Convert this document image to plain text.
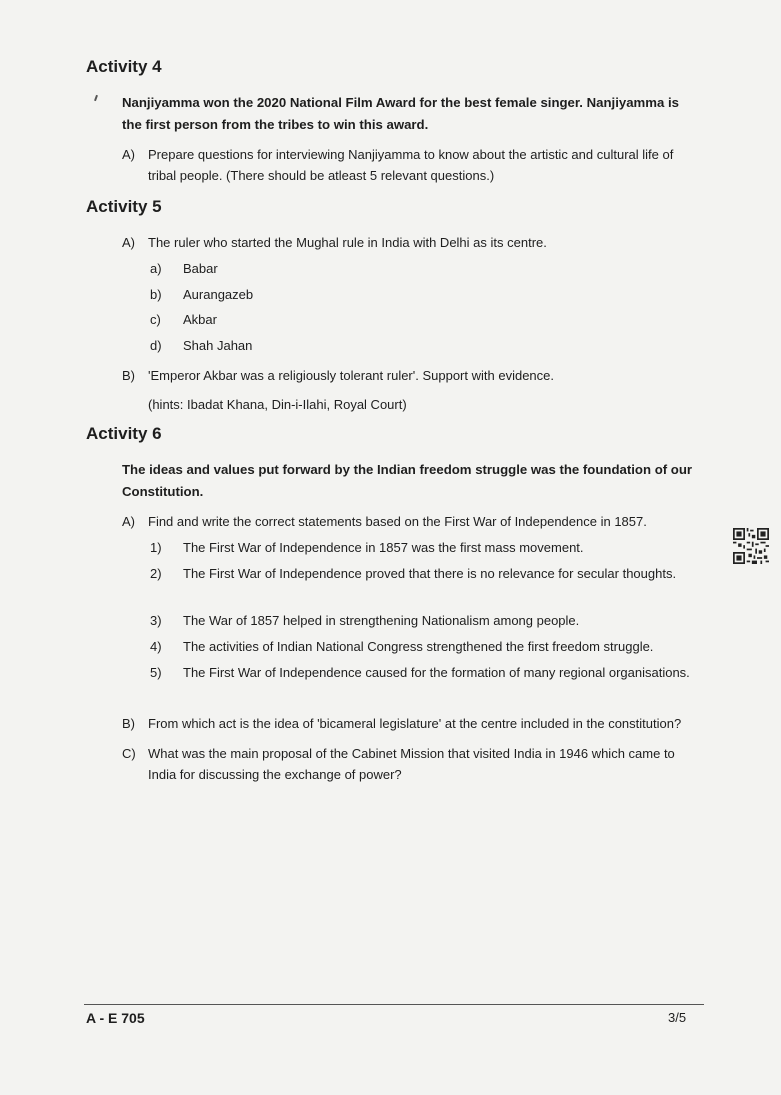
Activity 4

Nanjiyamma won the 2020 National Film Award for the best female singer. Nanjiyamma is the first person from the tribes to win this award.

A)	Prepare questions for interviewing Nanjiyamma to know about the artistic and cultural life of tribal people. (There should be atleast 5 relevant questions.)
Activity 5
A)	The ruler who started the Mughal rule in India with Delhi as its centre.
a)	Babar
b)	Aurangazeb
c)	Akbar
d)	Shah Jahan
B)	'Emperor Akbar was a religiously tolerant ruler'. Support with evidence.
(hints: Ibadat Khana, Din-i-Ilahi, Royal Court)
Activity 6

The ideas and values put forward by the Indian freedom struggle was the foundation of our Constitution.

A)	Find and write the correct statements based on the First War of Independence in 1857.
1)	The First War of Independence in 1857 was the first mass movement.
2)	The First War of Independence proved that there is no relevance for secular thoughts.
3)	The War of 1857 helped in strengthening Nationalism among people.
4)	The activities of Indian National Congress strengthened the first freedom struggle.
5)	The First War of Independence caused for the formation of many regional organisations.
B)	From which act is the idea of 'bicameral legislature' at the centre included in the constitution?
C) What was the main proposal of the Cabinet Mission that visited India in 1946 which came to India for discussing the exchange of power?
A - E 705	3/5
